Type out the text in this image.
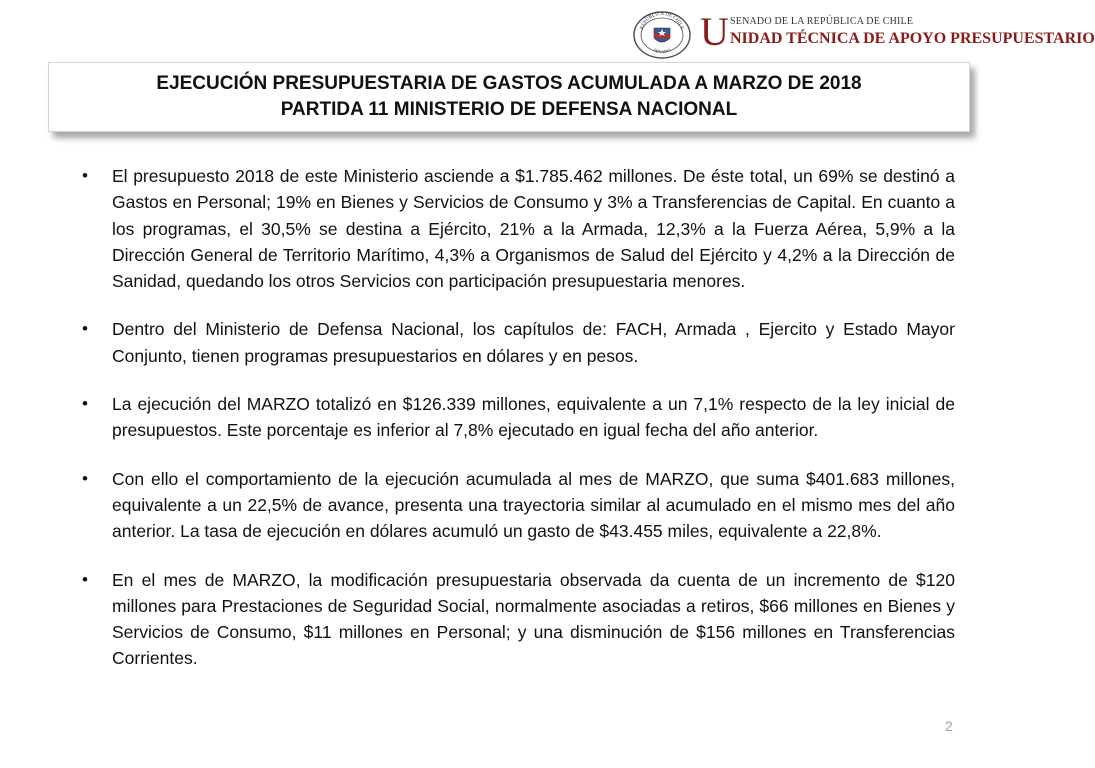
REPÚBLICA DE CHILE
SENADO U SENADO DE LA REPÚBLICA DE CHILE
NIDAD TÉCNICA DE APOYO PRESUPUESTARIO
EJECUCIÓN PRESUPUESTARIA DE GASTOS ACUMULADA A MARZO DE 2018
PARTIDA 11 MINISTERIO DE DEFENSA NACIONAL
• El presupuesto 2018 de este Ministerio asciende a $1.785.462 millones. De éste total, un 69% se destinó a Gastos en Personal; 19% en Bienes y Servicios de Consumo y 3% a Transferencias de Capital. En cuanto a los programas, el 30,5% se destina a Ejército, 21% a la Armada, 12,3% a la Fuerza Aérea, 5,9% a la Dirección General de Territorio Marítimo, 4,3% a Organismos de Salud del Ejército y 4,2% a la Dirección de Sanidad, quedando los otros Servicios con participación presupuestaria menores.
• Dentro del Ministerio de Defensa Nacional, los capítulos de: FACH, Armada , Ejercito y Estado Mayor Conjunto, tienen programas presupuestarios en dólares y en pesos.
• La ejecución del MARZO totalizó en $126.339 millones, equivalente a un 7,1% respecto de la ley inicial de presupuestos. Este porcentaje es inferior al 7,8% ejecutado en igual fecha del año anterior.
• Con ello el comportamiento de la ejecución acumulada al mes de MARZO, que suma $401.683 millones, equivalente a un 22,5% de avance, presenta una trayectoria similar al acumulado en el mismo mes del año anterior. La tasa de ejecución en dólares acumuló un gasto de $43.455 miles, equivalente a 22,8%.
• En el mes de MARZO, la modificación presupuestaria observada da cuenta de un incremento de $120 millones para Prestaciones de Seguridad Social, normalmente asociadas a retiros, $66 millones en Bienes y Servicios de Consumo, $11 millones en Personal; y una disminución de $156 millones en Transferencias Corrientes.
2
